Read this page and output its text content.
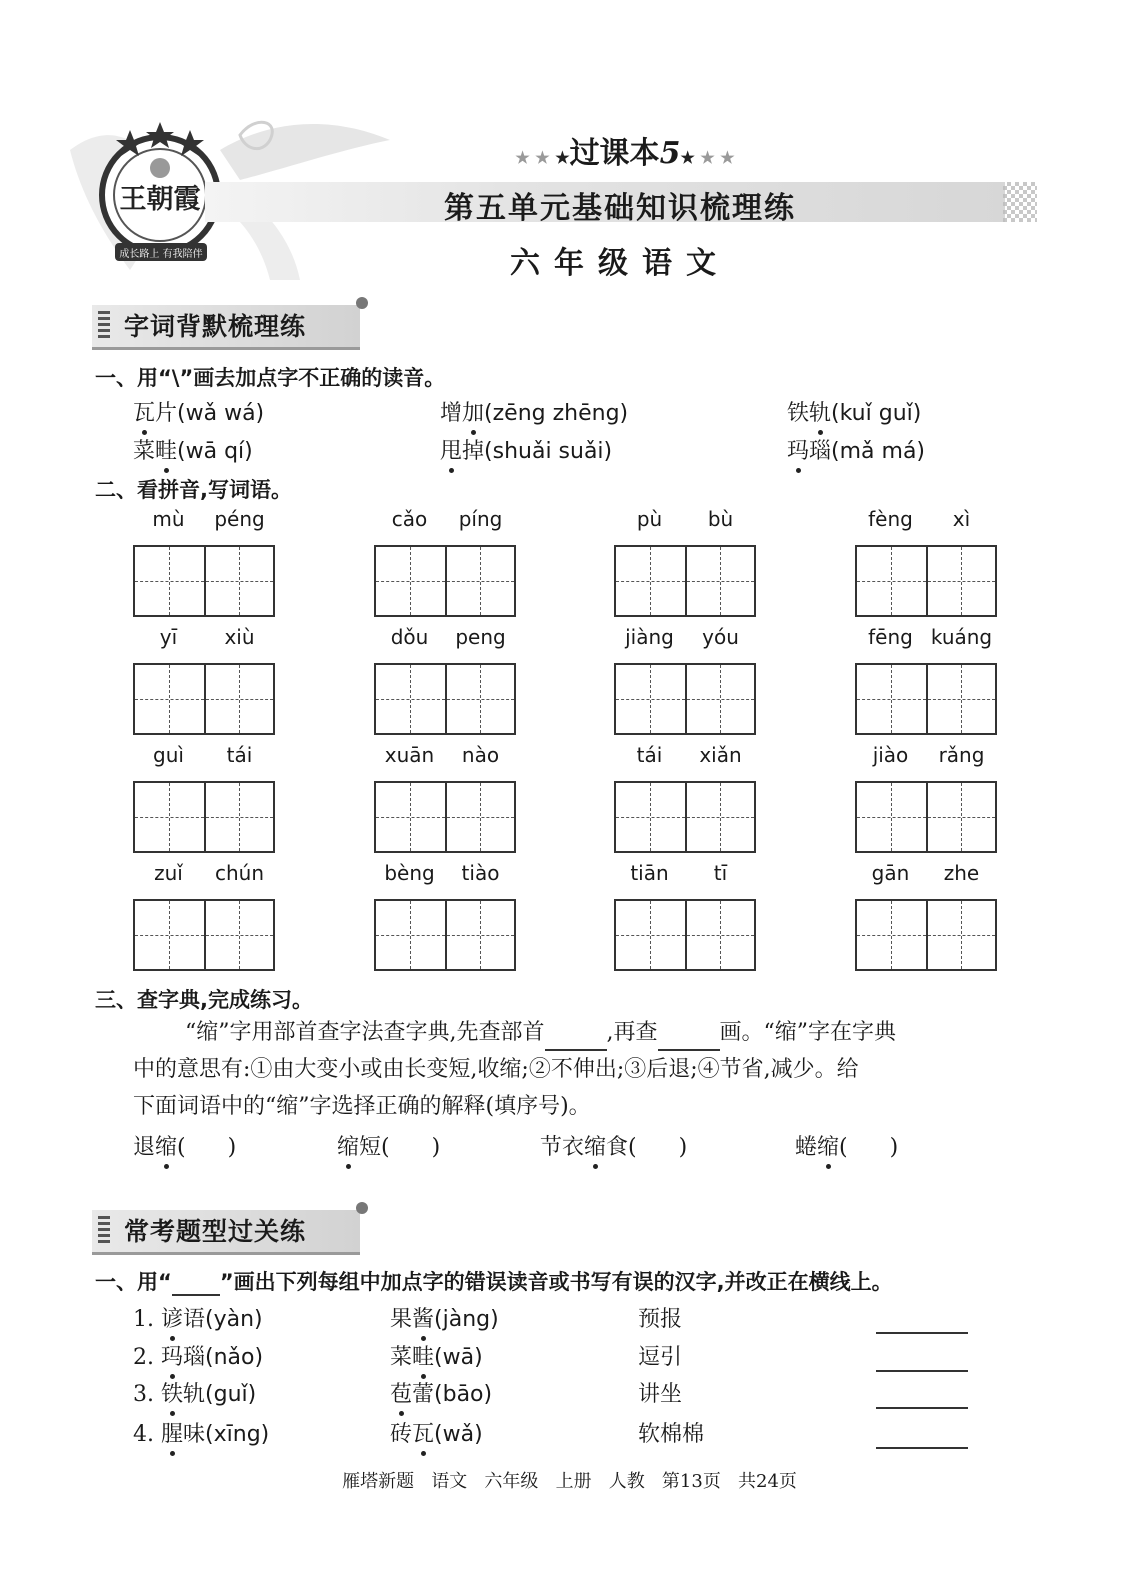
王朝霞
成长路上 有我陪伴
★ ★ ★过课本5★ ★ ★
第五单元基础知识梳理练
六年级语文
字词背默梳理练
一、用“\”画去加点字不正确的读音。
瓦片(wǎ wá)	增加(zēng zhēng)	铁轨(kuǐ guǐ)
菜畦(wā qí)	甩掉(shuǎi suǎi)	玛瑙(mǎ má)
二、看拼音,写词语。
mù	péng	cǎo	píng	pù	bù	fèng	xì
yī	xiù	dǒu	peng	jiàng	yóu	fēng kuáng
guì	tái	xuān	nào	tái	xiǎn	jiào	rǎng
zuǐ	chún	bèng	tiào	tiān	tī	gān	zhe
三、查字典,完成练习。
“缩”字用部首查字法查字典,先查部首	,再查	画。“缩”字在字典
中的意思有:①由大变小或由长变短,收缩;②不伸出;③后退;④节省,减少。给
下面词语中的“缩”字选择正确的解释(填序号)。
退缩(      )	缩短(      )	节衣缩食(      )	蜷缩(      )
常考题型过关练
一、用“ ”画出下列每组中加点字的错误读音或书写有误的汉字,并改正在横线上。
1. 谚语(yàn)	果酱(jàng)	预报
2. 玛瑙(nǎo)	菜畦(wā)	逗引
3. 铁轨(guǐ)	苞蕾(bāo)	讲坐
4. 腥味(xīng)	砖瓦(wǎ)	软棉棉
雁塔新题   语文   六年级   上册   人教   第13页   共24页
